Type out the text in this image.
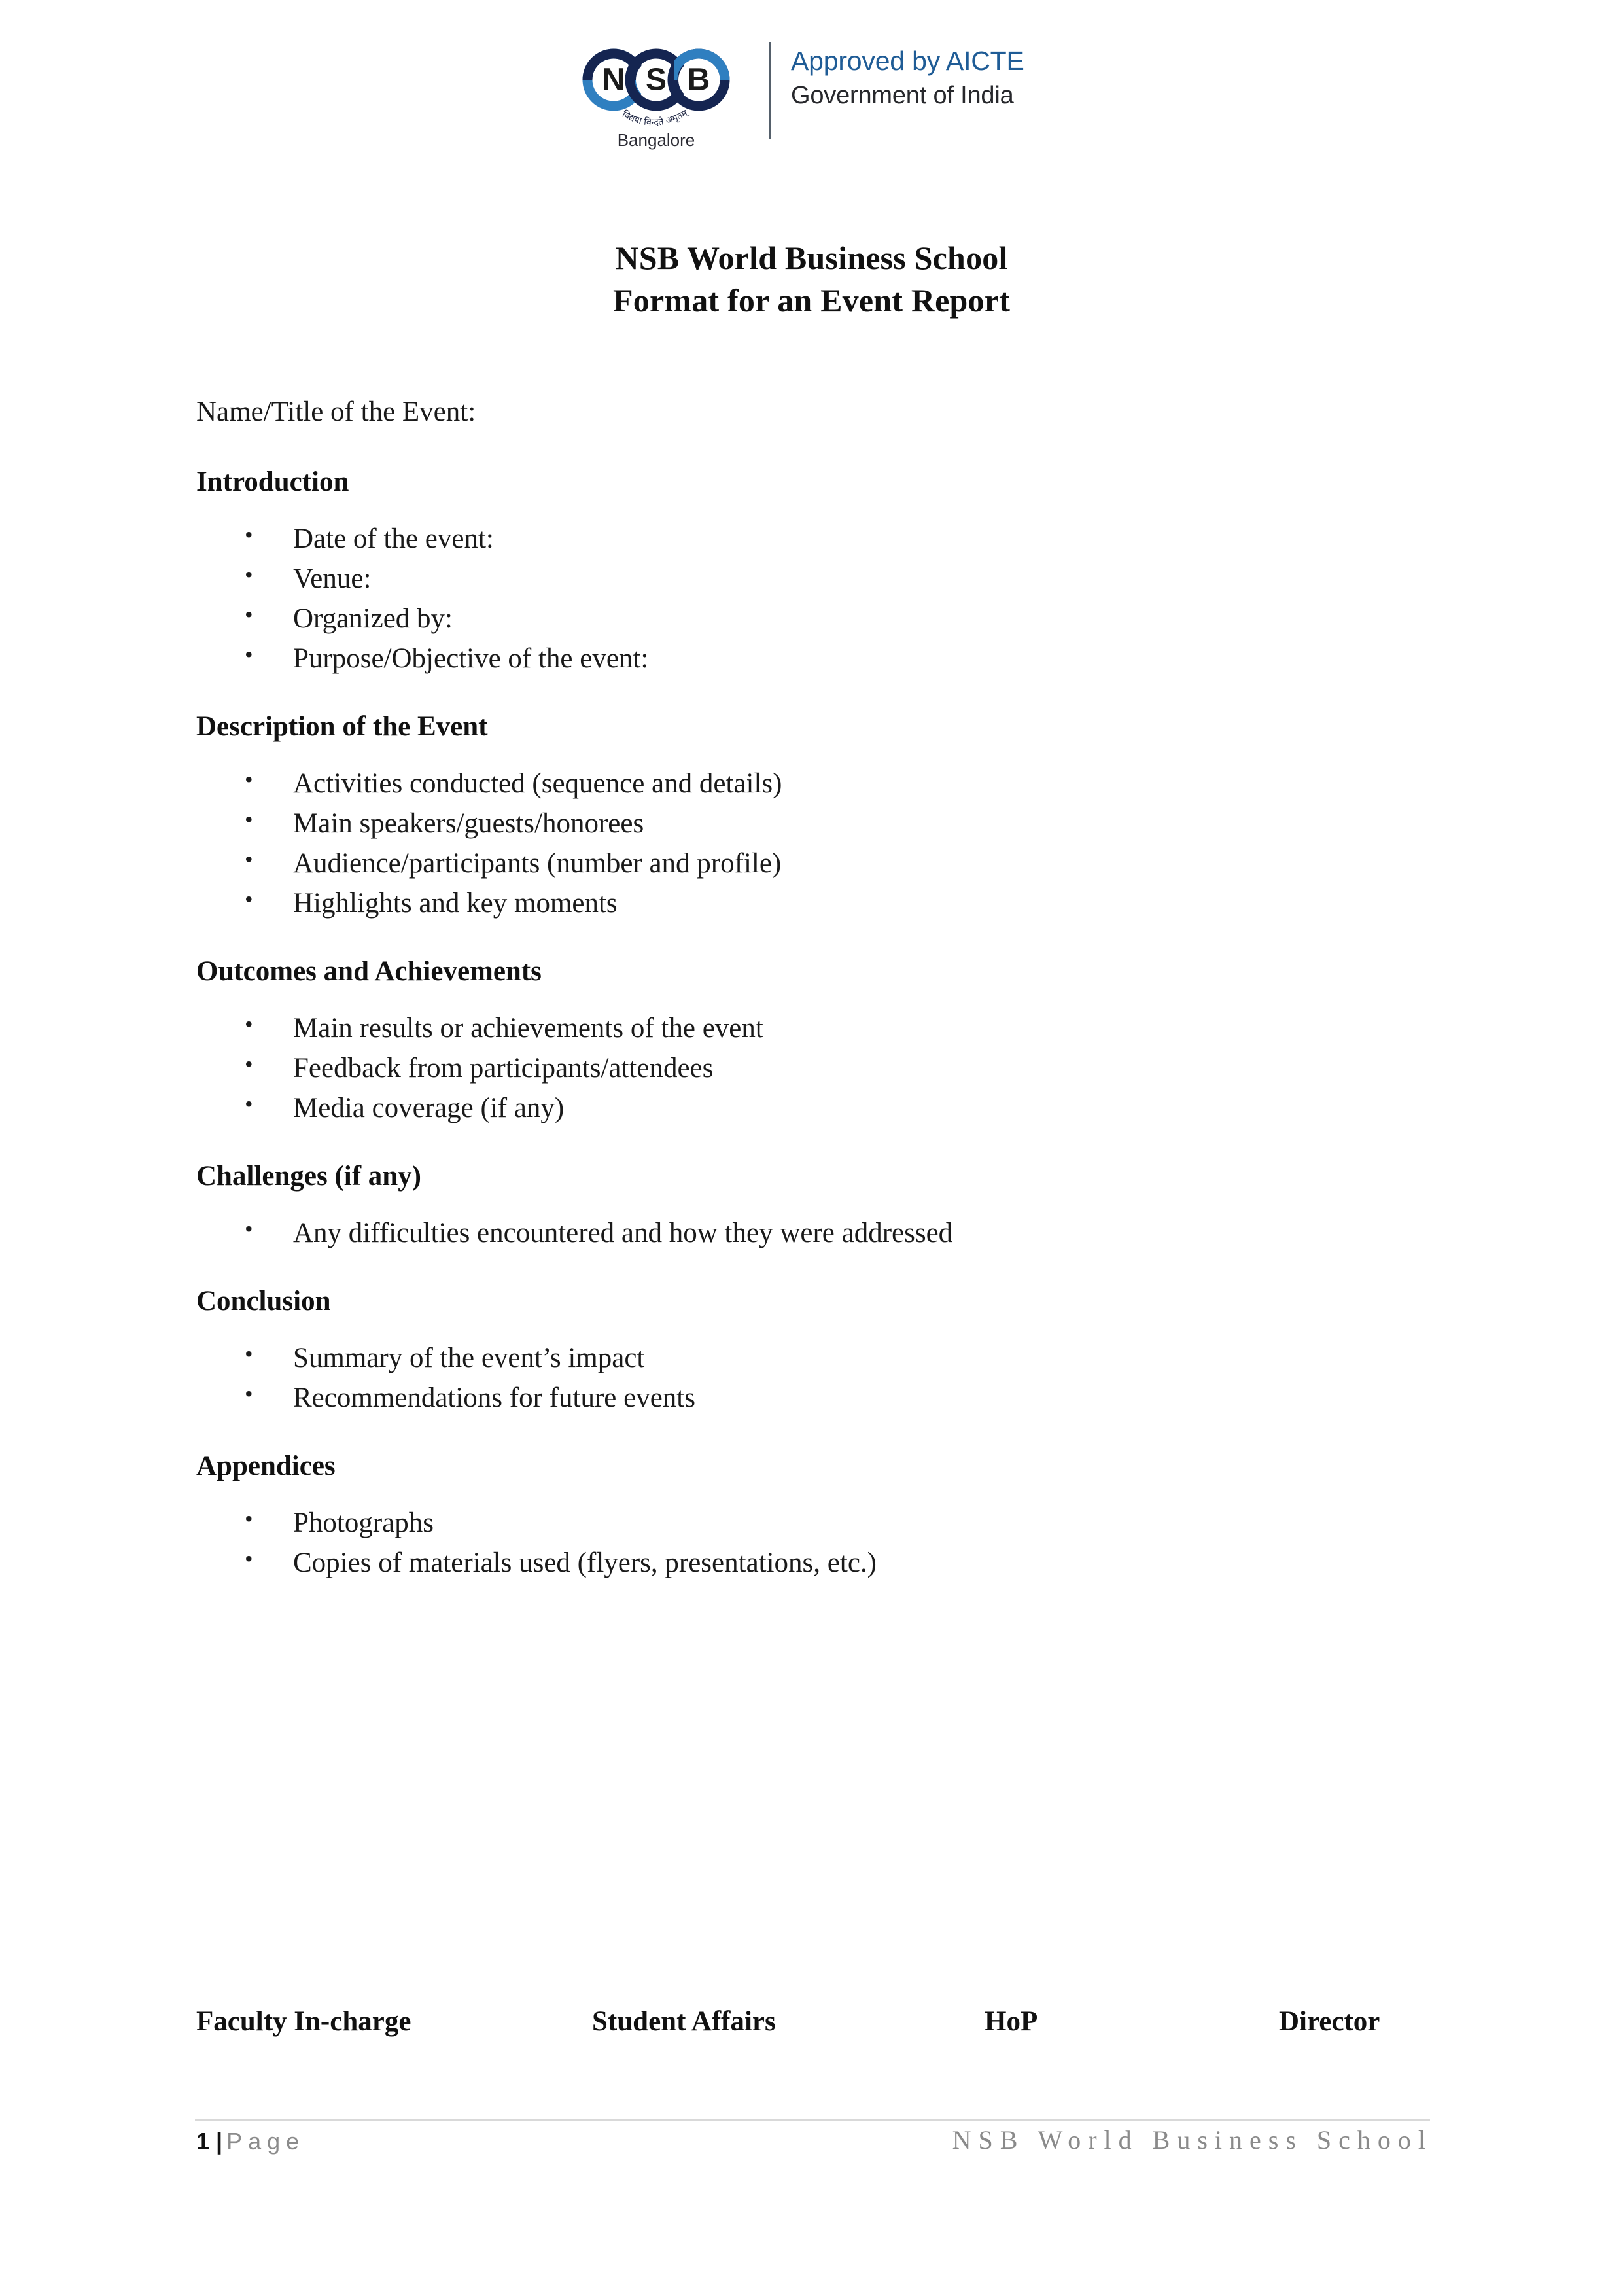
N S B
विद्यया विन्दते अमृतम्
Bangalore
Approved by AICTE
Government of India
NSB World Business School
Format for an Event Report

Name/Title of the Event:

Introduction
• Date of the event:
• Venue:
• Organized by:
• Purpose/Objective of the event:
Description of the Event
• Activities conducted (sequence and details)
• Main speakers/guests/honorees
• Audience/participants (number and profile)
• Highlights and key moments
Outcomes and Achievements
• Main results or achievements of the event
• Feedback from participants/attendees
• Media coverage (if any)
Challenges (if any)
• Any difficulties encountered and how they were addressed
Conclusion
• Summary of the event’s impact
• Recommendations for future events
Appendices
• Photographs
• Copies of materials used (flyers, presentations, etc.)
Faculty In-charge	Student Affairs	HoP	Director
1 | Page	NSB World Business School
